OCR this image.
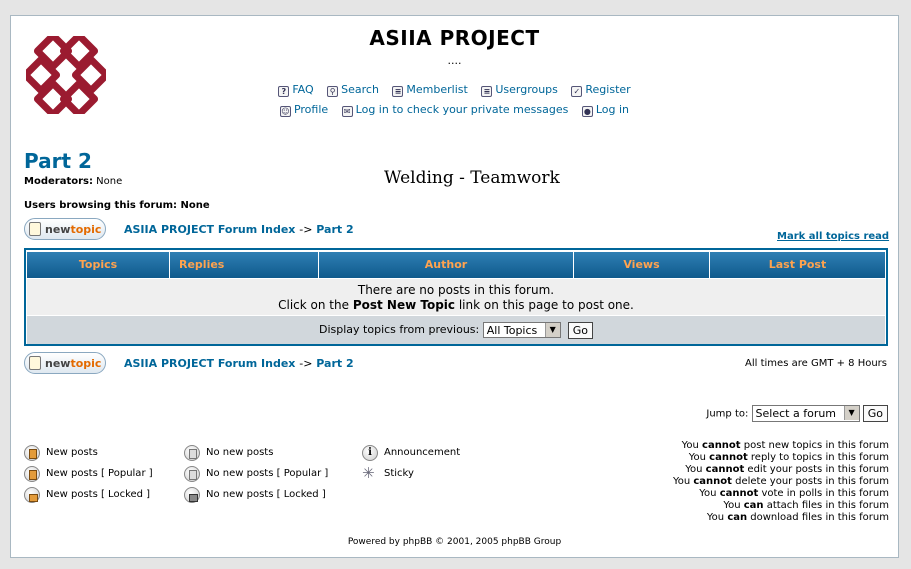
ASIIA PROJECT
....
? FAQ ⚲ Search ≡ Memberlist ≡ Usergroups ✓ Register
☺ Profile ✉ Log in to check your private messages ● Log in
Part 2
Moderators: None	Welding - Teamwork
Users browsing this forum: None
new topic ASIIA PROJECT Forum Index -> Part 2
Mark all topics read
Topics	Replies	Author	Views	Last Post
There are no posts in this forum.
Click on the Post New Topic link on this page to post one.
Display topics from previous: All Topics	▼	Go
new topic ASIIA PROJECT Forum Index -> Part 2	All times are GMT + 8 Hours
Jump to: Select a forum	▼	Go
New posts
New posts [ Popular ]
New posts [ Locked ]
No new posts
No new posts [ Popular ]
No new posts [ Locked ]
i
Announcement
✳
Sticky
You cannot post new topics in this forum
You cannot reply to topics in this forum
You cannot edit your posts in this forum
You cannot delete your posts in this forum
You cannot vote in polls in this forum
You can attach files in this forum
You can download files in this forum
Powered by phpBB © 2001, 2005 phpBB Group
